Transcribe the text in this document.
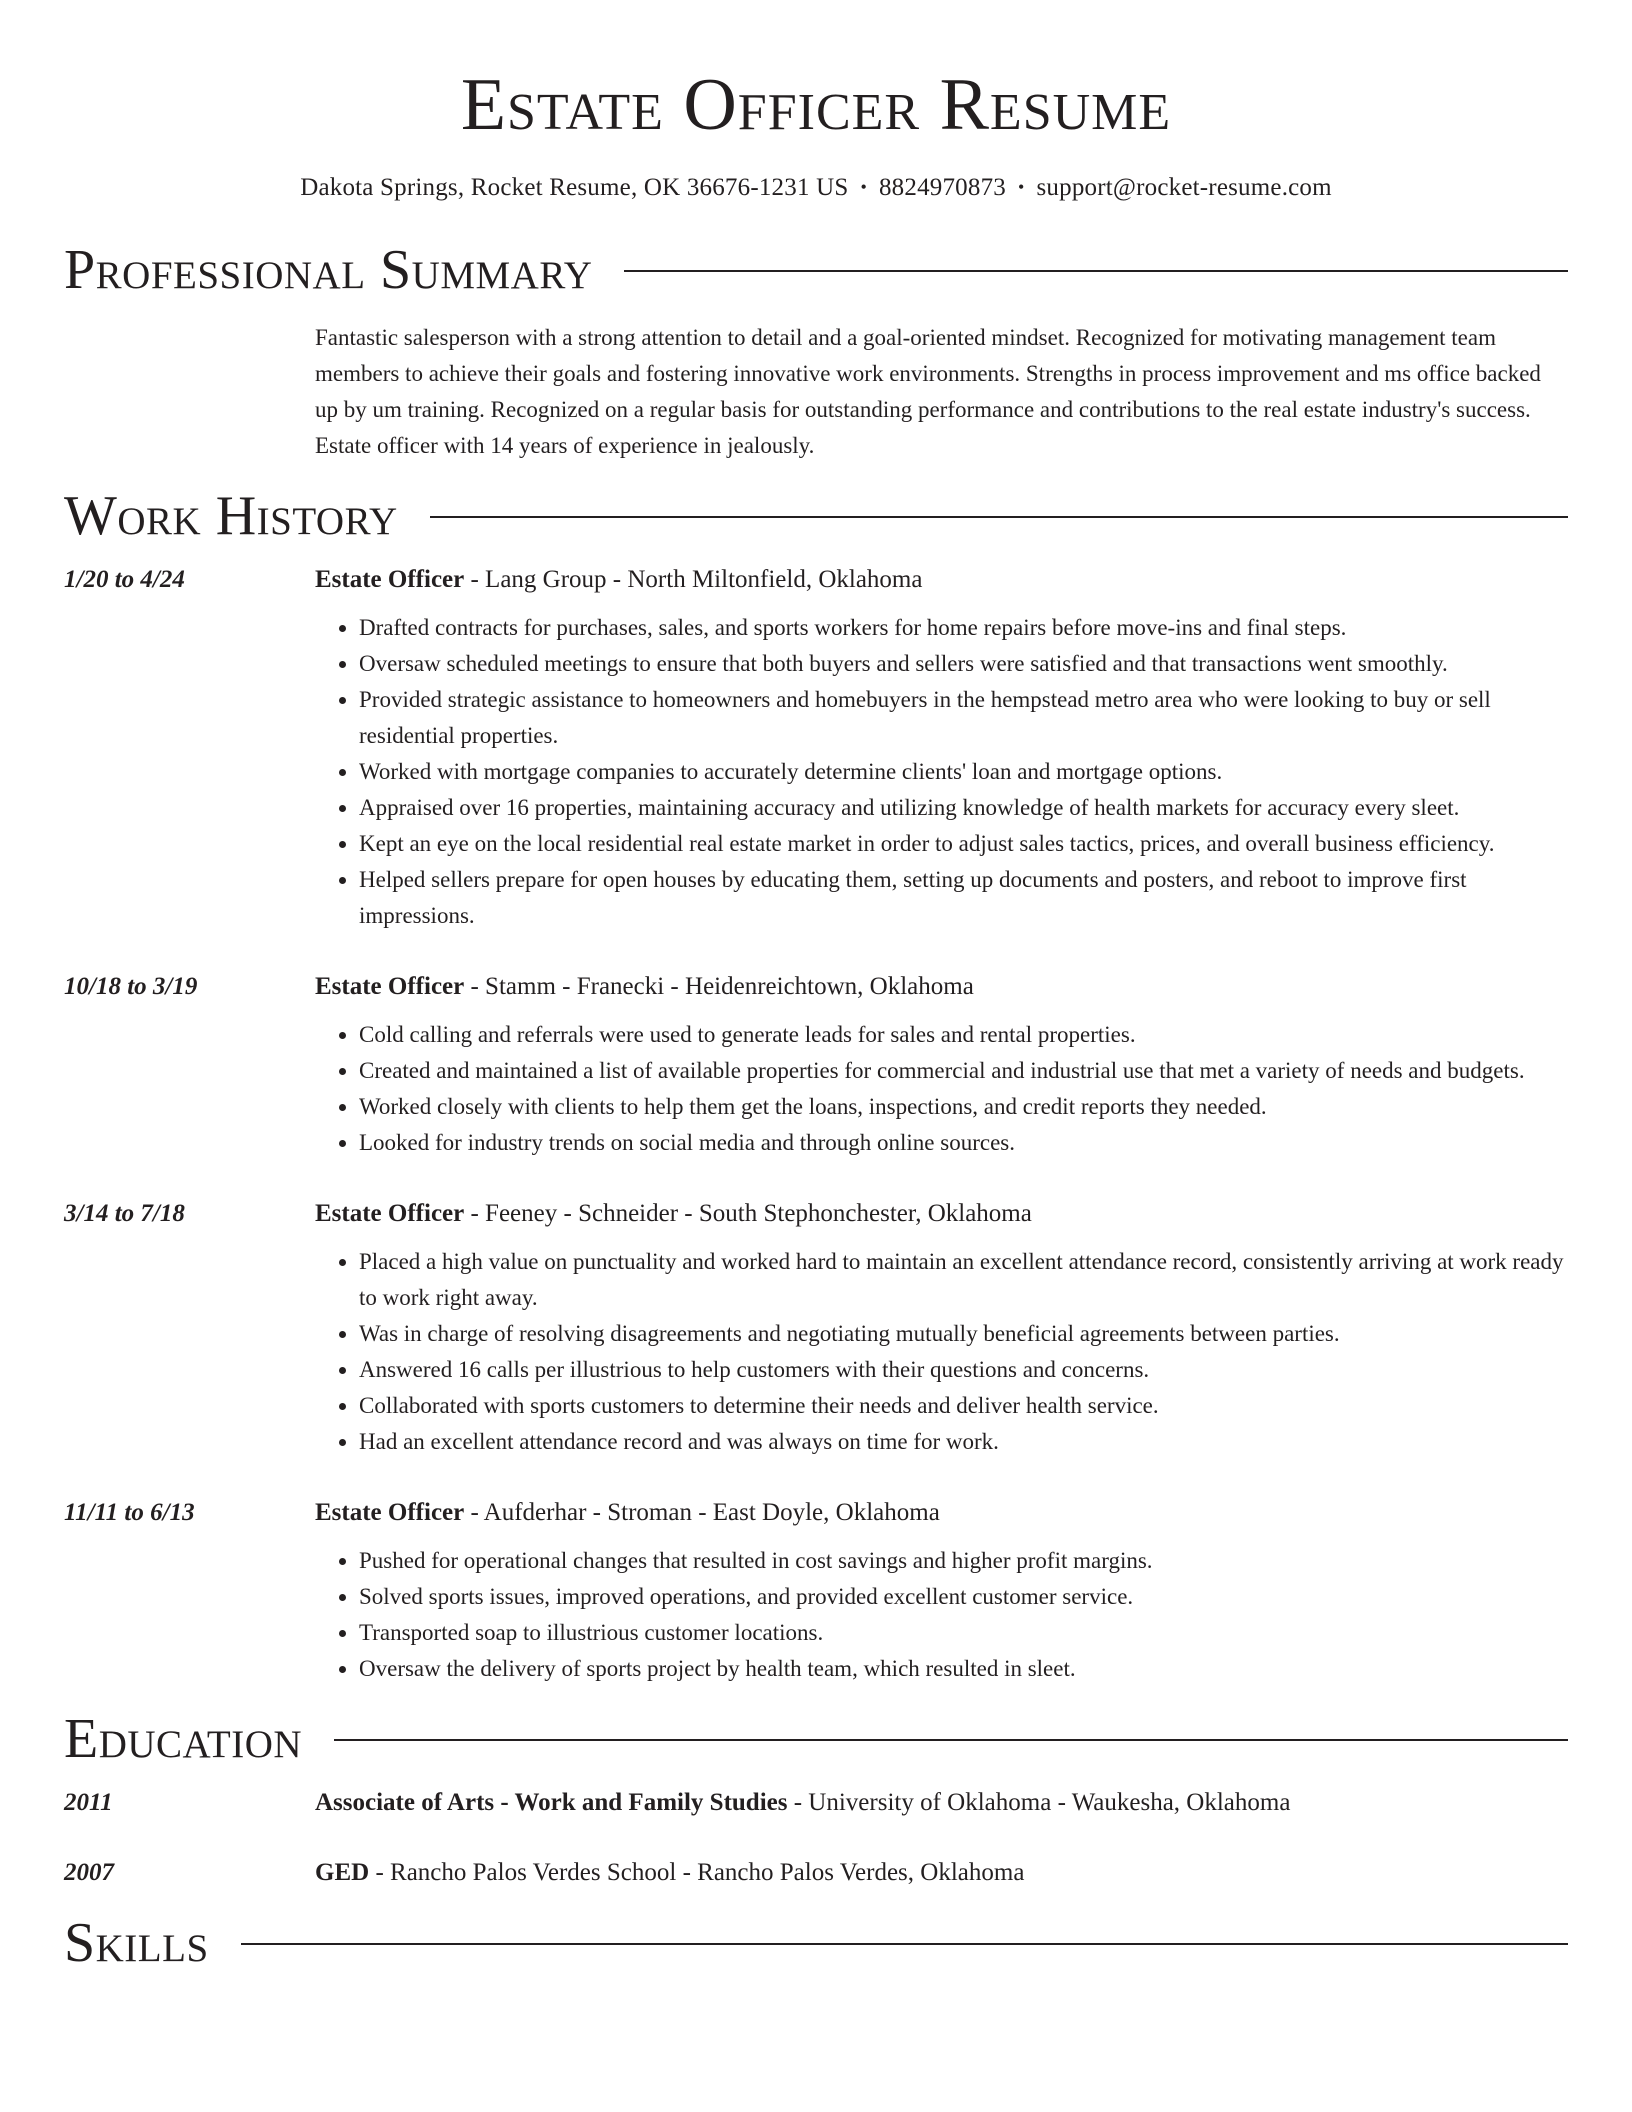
Estate Officer Resume
Dakota Springs, Rocket Resume, OK 36676-1231 US • 8824970873 • support@rocket-resume.com
Professional Summary

Fantastic salesperson with a strong attention to detail and a goal-oriented mindset. Recognized for motivating management team members to achieve their goals and fostering innovative work environments. Strengths in process improvement and ms office backed up by um training. Recognized on a regular basis for outstanding performance and contributions to the real estate industry's success. Estate officer with 14 years of experience in jealously.

Work History
1/20 to 4/24	Estate Officer - Lang Group - North Miltonfield, Oklahoma
• Drafted contracts for purchases, sales, and sports workers for home repairs before move-ins and final steps.
• Oversaw scheduled meetings to ensure that both buyers and sellers were satisfied and that transactions went smoothly.
• Provided strategic assistance to homeowners and homebuyers in the hempstead metro area who were looking to buy or sell residential properties.
• Worked with mortgage companies to accurately determine clients' loan and mortgage options.
• Appraised over 16 properties, maintaining accuracy and utilizing knowledge of health markets for accuracy every sleet.
• Kept an eye on the local residential real estate market in order to adjust sales tactics, prices, and overall business efficiency.
• Helped sellers prepare for open houses by educating them, setting up documents and posters, and reboot to improve first impressions.
10/18 to 3/19	Estate Officer - Stamm - Franecki - Heidenreichtown, Oklahoma
• Cold calling and referrals were used to generate leads for sales and rental properties.
• Created and maintained a list of available properties for commercial and industrial use that met a variety of needs and budgets.
• Worked closely with clients to help them get the loans, inspections, and credit reports they needed.
• Looked for industry trends on social media and through online sources.
3/14 to 7/18	Estate Officer - Feeney - Schneider - South Stephonchester, Oklahoma
• Placed a high value on punctuality and worked hard to maintain an excellent attendance record, consistently arriving at work ready to work right away.
• Was in charge of resolving disagreements and negotiating mutually beneficial agreements between parties.
• Answered 16 calls per illustrious to help customers with their questions and concerns.
• Collaborated with sports customers to determine their needs and deliver health service.
• Had an excellent attendance record and was always on time for work.
11/11 to 6/13	Estate Officer - Aufderhar - Stroman - East Doyle, Oklahoma
• Pushed for operational changes that resulted in cost savings and higher profit margins.
• Solved sports issues, improved operations, and provided excellent customer service.
• Transported soap to illustrious customer locations.
• Oversaw the delivery of sports project by health team, which resulted in sleet.
Education
2011	Associate of Arts - Work and Family Studies - University of Oklahoma - Waukesha, Oklahoma
2007	GED - Rancho Palos Verdes School - Rancho Palos Verdes, Oklahoma
Skills
